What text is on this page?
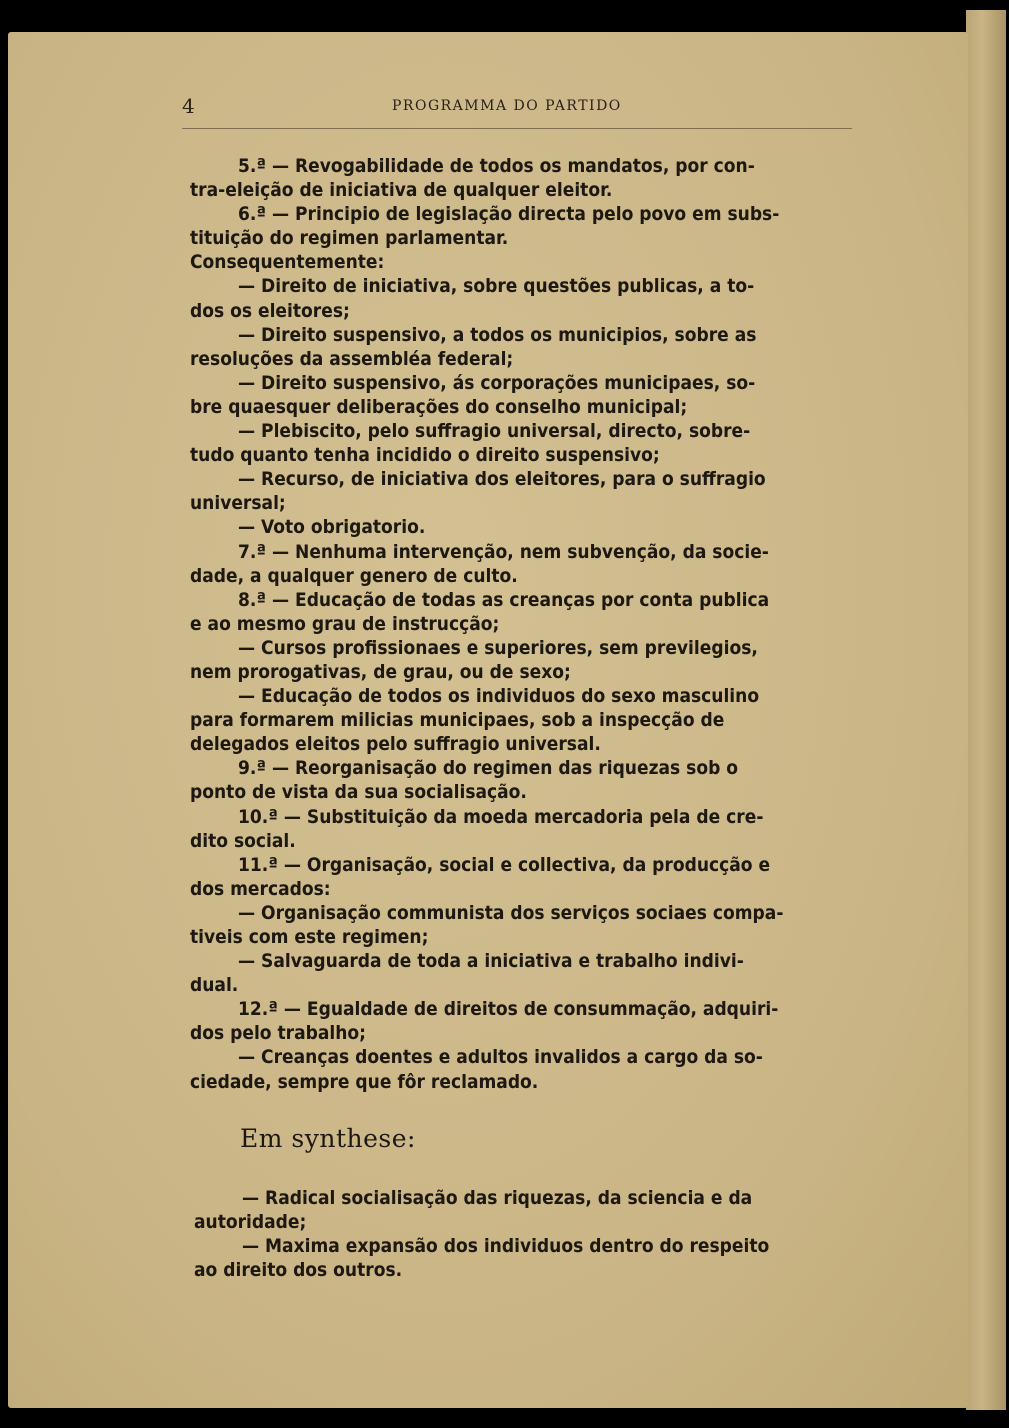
4	PROGRAMMA DO PARTIDO
5.ª — Revogabilidade de todos os mandatos, por con-
tra-eleição de iniciativa de qualquer eleitor.
6.ª — Principio de legislação directa pelo povo em subs-
tituição do regimen parlamentar.
Consequentemente:
— Direito de iniciativa, sobre questões publicas, a to-
dos os eleitores;
— Direito suspensivo, a todos os municipios, sobre as
resoluções da assembléa federal;
— Direito suspensivo, ás corporações municipaes, so-
bre quaesquer deliberações do conselho municipal;
— Plebiscito, pelo suffragio universal, directo, sobre-
tudo quanto tenha incidido o direito suspensivo;
— Recurso, de iniciativa dos eleitores, para o suffragio
universal;
— Voto obrigatorio.
7.ª — Nenhuma intervenção, nem subvenção, da socie-
dade, a qualquer genero de culto.
8.ª — Educação de todas as creanças por conta publica
e ao mesmo grau de instrucção;
— Cursos profissionaes e superiores, sem previlegios,
nem prorogativas, de grau, ou de sexo;
— Educação de todos os individuos do sexo masculino
para formarem milicias municipaes, sob a inspecção de
delegados eleitos pelo suffragio universal.
9.ª — Reorganisação do regimen das riquezas sob o
ponto de vista da sua socialisação.
10.ª — Substituição da moeda mercadoria pela de cre-
dito social.
11.ª — Organisação, social e collectiva, da producção e
dos mercados:
— Organisação communista dos serviços sociaes compa-
tiveis com este regimen;
— Salvaguarda de toda a iniciativa e trabalho indivi-
dual.
12.ª — Egualdade de direitos de consummação, adquiri-
dos pelo trabalho;
— Creanças doentes e adultos invalidos a cargo da so-
ciedade, sempre que fôr reclamado.
Em synthese:
— Radical socialisação das riquezas, da sciencia e da
autoridade;
— Maxima expansão dos individuos dentro do respeito
ao direito dos outros.
